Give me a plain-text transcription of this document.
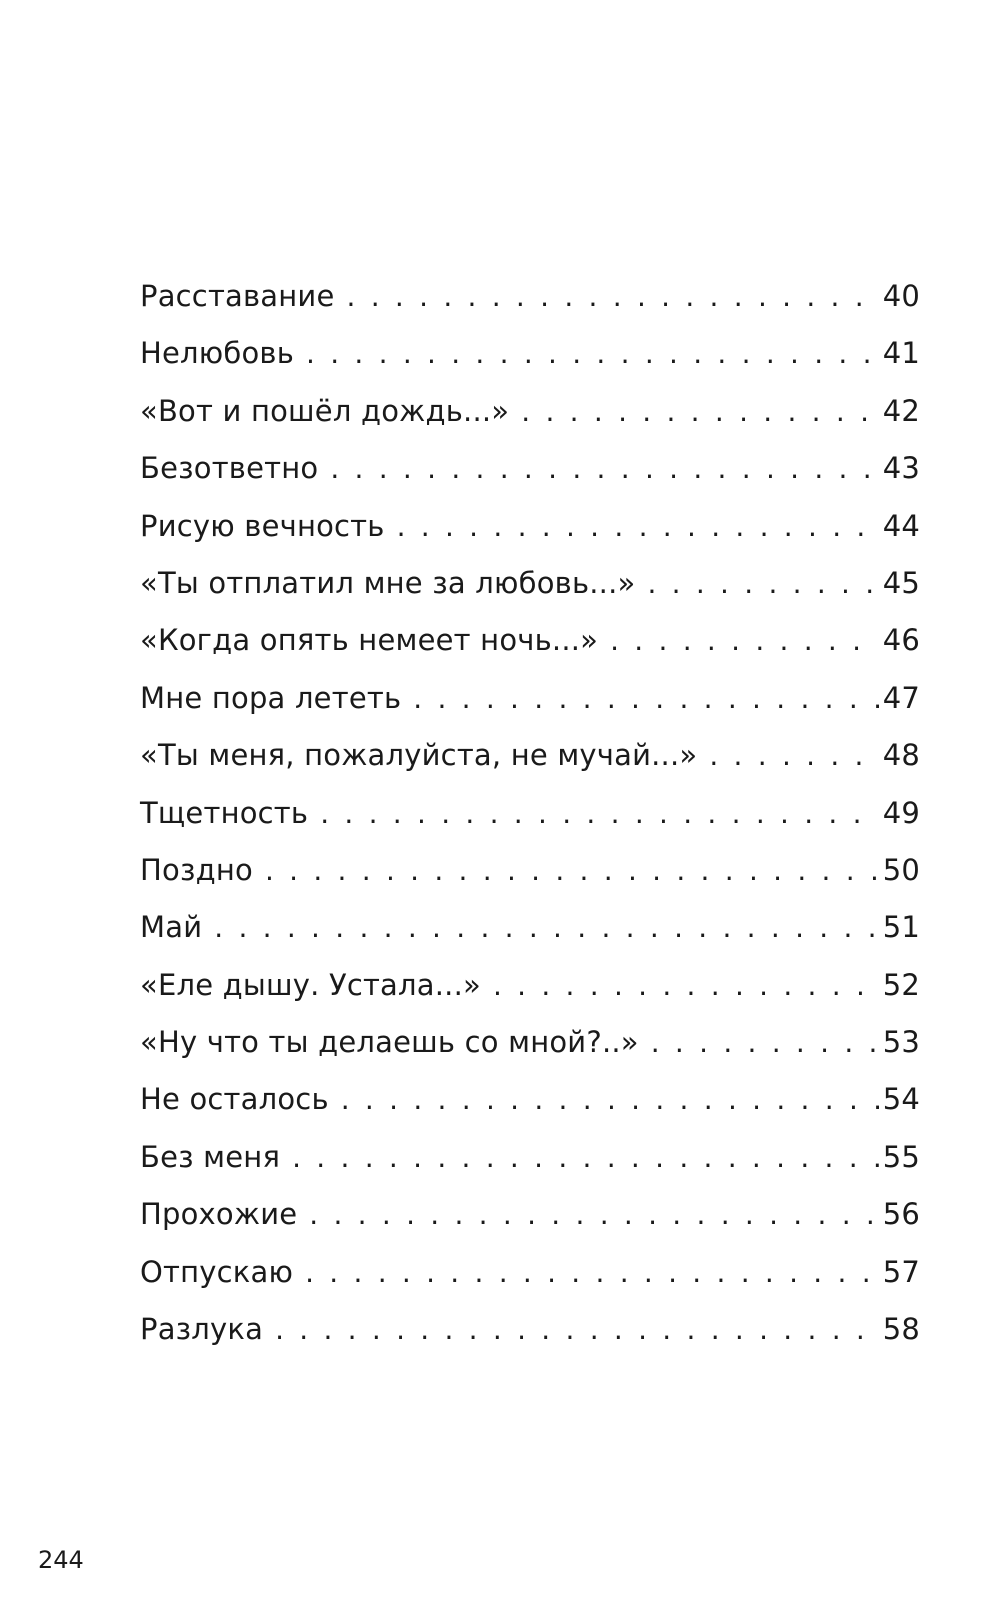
Расставание . . .	40
Нелюбовь . . .	41
«Вот и пошёл дождь...» . . .	42
Безответно . . .	43
Рисую вечность . . .	44
«Ты отплатил мне за любовь...» . . .	45
«Когда опять немеет ночь...» . . .	46
Мне пора лететь . . .	47
«Ты меня, пожалуйста, не мучай...» . . .	48
Тщетность . . .	49
Поздно . . .	50
Май . . .	51
«Еле дышу. Устала...» . . .	52
«Ну что ты делаешь со мной?..» . . .	53
Не осталось . . .	54
Без меня . . .	55
Прохожие . . .	56
Отпускаю . . .	57
Разлука . . .	58
244
